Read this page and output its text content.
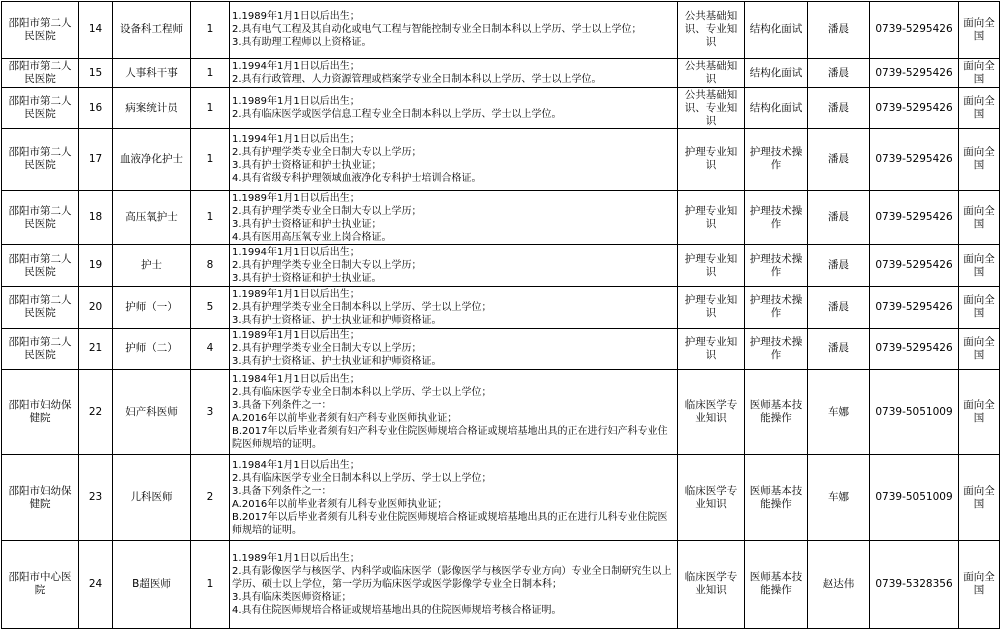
邵阳市第二人民医院	14	设备科工程师	1	1.1989年1月1日以后出生；
2.具有电气工程及其自动化或电气工程与智能控制专业全日制本科以上学历、学士以上学位；
3.具有助理工程师以上资格证。	公共基础知识、专业知识	结构化面试	潘晨	0739-5295426	面向全国
邵阳市第二人民医院	15	人事科干事	1	1.1994年1月1日以后出生；
2.具有行政管理、人力资源管理或档案学专业全日制本科以上学历、学士以上学位。	公共基础知识	结构化面试	潘晨	0739-5295426	面向全国
邵阳市第二人民医院	16	病案统计员	1	1.1989年1月1日以后出生；
2.具有临床医学或医学信息工程专业全日制本科以上学历、学士以上学位。	公共基础知识、专业知识	结构化面试	潘晨	0739-5295426	面向全国
邵阳市第二人民医院	17	血液净化护士	1	1.1994年1月1日以后出生；
2.具有护理学类专业全日制大专以上学历；
3.具有护士资格证和护士执业证；
4.具有省级专科护理领域血液净化专科护士培训合格证。	护理专业知识	护理技术操作	潘晨	0739-5295426	面向全国
邵阳市第二人民医院	18	高压氧护士	1	1.1989年1月1日以后出生；
2.具有护理学类专业全日制大专以上学历；
3.具有护士资格证和护士执业证；
4.具有医用高压氧专业上岗合格证。	护理专业知识	护理技术操作	潘晨	0739-5295426	面向全国
邵阳市第二人民医院	19	护士	8	1.1994年1月1日以后出生；
2.具有护理学类专业全日制大专以上学历；
3.具有护士资格证和护士执业证。	护理专业知识	护理技术操作	潘晨	0739-5295426	面向全国
邵阳市第二人民医院	20	护师（一）	5	1.1989年1月1日以后出生；
2.具有护理学类专业全日制本科以上学历、学士以上学位；
3.具有护士资格证、护士执业证和护师资格证。	护理专业知识	护理技术操作	潘晨	0739-5295426	面向全国
邵阳市第二人民医院	21	护师（二）	4	1.1989年1月1日以后出生；
2.具有护理学类专业全日制大专以上学历；
3.具有护士资格证、护士执业证和护师资格证。	护理专业知识	护理技术操作	潘晨	0739-5295426	面向全国
邵阳市妇幼保健院	22	妇产科医师	3	1.1984年1月1日以后出生；
2.具有临床医学专业全日制本科以上学历、学士以上学位；
3.具备下列条件之一：
A.2016年以前毕业者须有妇产科专业医师执业证；
B.2017年以后毕业者须有妇产科专业住院医师规培合格证或规培基地出具的正在进行妇产科专业住院医师规培的证明。	临床医学专业知识	医师基本技能操作	车娜	0739-5051009	面向全国
邵阳市妇幼保健院	23	儿科医师	2	1.1984年1月1日以后出生；
2.具有临床医学专业全日制本科以上学历、学士以上学位；
3.具备下列条件之一：
A.2016年以前毕业者须有儿科专业医师执业证；
B.2017年以后毕业者须有儿科专业住院医师规培合格证或规培基地出具的正在进行儿科专业住院医师规培的证明。	临床医学专业知识	医师基本技能操作	车娜	0739-5051009	面向全国
邵阳市中心医院	24	B超医师	1	1.1989年1月1日以后出生；
2.具有影像医学与核医学、内科学或临床医学（影像医学与核医学专业方向）专业全日制研究生以上学历、硕士以上学位，第一学历为临床医学或医学影像学专业全日制本科；
3.具有临床类医师资格证；
4.具有住院医师规培合格证或规培基地出具的住院医师规培考核合格证明。	临床医学专业知识	医师基本技能操作	赵达伟	0739-5328356	面向全国
